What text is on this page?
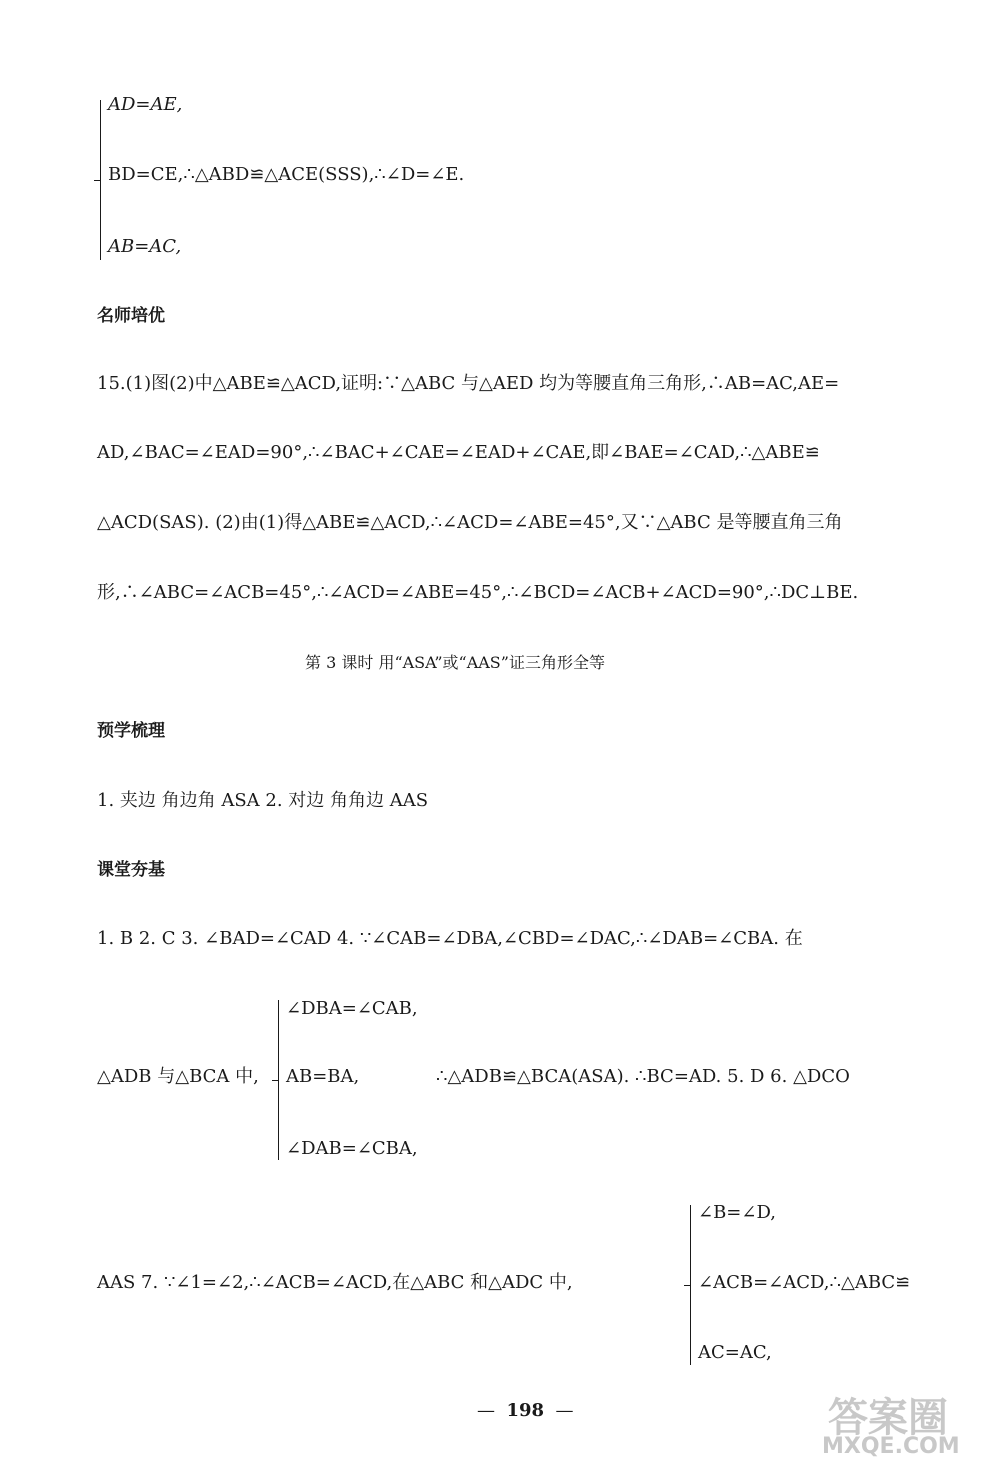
AD=AE,
BD=CE,∴△ABD≌△ACE(SSS),∴∠D=∠E.
AB=AC,
名师培优
15.(1)图(2)中△ABE≌△ACD,证明:∵△ABC 与△AED 均为等腰直角三角形,∴AB=AC,AE=
AD,∠BAC=∠EAD=90°,∴∠BAC+∠CAE=∠EAD+∠CAE,即∠BAE=∠CAD,∴△ABE≌
△ACD(SAS). (2)由(1)得△ABE≌△ACD,∴∠ACD=∠ABE=45°,又∵△ABC 是等腰直角三角
形,∴∠ABC=∠ACB=45°,∴∠ACD=∠ABE=45°,∴∠BCD=∠ACB+∠ACD=90°,∴DC⊥BE.
第 3 课时 用“ASA”或“AAS”证三角形全等
预学梳理
1. 夹边 角边角 ASA 2. 对边 角角边 AAS
课堂夯基
1. B 2. C 3. ∠BAD=∠CAD 4. ∵∠CAB=∠DBA,∠CBD=∠DAC,∴∠DAB=∠CBA. 在
∠DBA=∠CAB,
△ADB 与△BCA 中, AB=BA,	∴△ADB≌△BCA(ASA). ∴BC=AD. 5. D 6. △DCO
∠DAB=∠CBA,
∠B=∠D,
AAS 7. ∵∠1=∠2,∴∠ACB=∠ACD,在△ABC 和△ADC 中,	∠ACB=∠ACD,∴△ABC≌
AC=AC,
— 198 —	答案圈
MXQE.COM
